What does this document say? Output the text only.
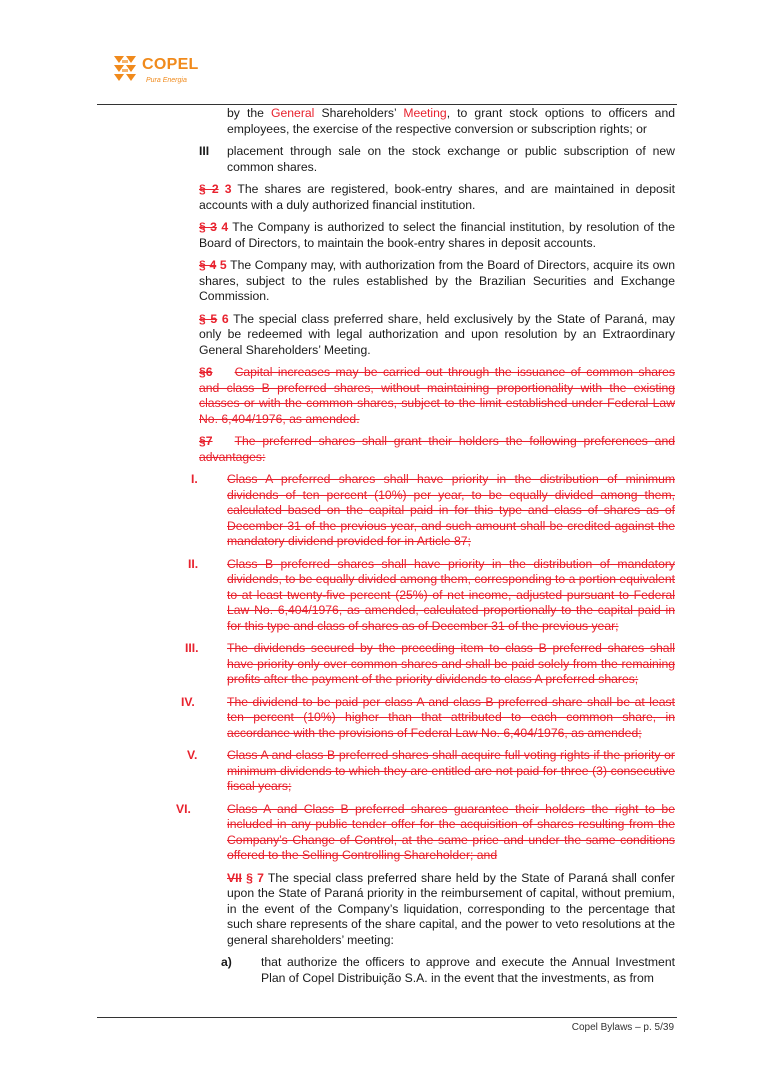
COPEL
Pura Energia

by the General Shareholders’ Meeting, to grant stock options to officers and employees, the exercise of the respective conversion or subscription rights; or

III placement through sale on the stock exchange or public subscription of new common shares.

§ 2 3 The shares are registered, book-entry shares, and are maintained in deposit accounts with a duly authorized financial institution.

§ 3 4 The Company is authorized to select the financial institution, by resolution of the Board of Directors, to maintain the book-entry shares in deposit accounts.

§ 4 5 The Company may, with authorization from the Board of Directors, acquire its own shares, subject to the rules established by the Brazilian Securities and Exchange Commission.

§ 5 6 The special class preferred share, held exclusively by the State of Paraná, may only be redeemed with legal authorization and upon resolution by an Extraordinary General Shareholders’ Meeting.

§6 Capital increases may be carried out through the issuance of common shares and class B preferred shares, without maintaining proportionality with the existing classes or with the common shares, subject to the limit established under Federal Law No. 6,404/1976, as amended.

§7 The preferred shares shall grant their holders the following preferences and advantages:

I. Class A preferred shares shall have priority in the distribution of minimum dividends of ten percent (10%) per year, to be equally divided among them, calculated based on the capital paid in for this type and class of shares as of December 31 of the previous year, and such amount shall be credited against the mandatory dividend provided for in Article 87;
II. Class B preferred shares shall have priority in the distribution of mandatory dividends, to be equally divided among them, corresponding to a portion equivalent to at least twenty-five percent (25%) of net income, adjusted pursuant to Federal Law No. 6,404/1976, as amended, calculated proportionally to the capital paid in for this type and class of shares as of December 31 of the previous year;
III. The dividends secured by the preceding item to class B preferred shares shall have priority only over common shares and shall be paid solely from the remaining profits after the payment of the priority dividends to class A preferred shares;
IV.	The dividend to be paid per class A and class B preferred share shall be at least ten percent (10%) higher than that attributed to each common share, in accordance with the provisions of Federal Law No. 6,404/1976, as amended;
V. Class A and class B preferred shares shall acquire full voting rights if the priority or minimum dividends to which they are entitled are not paid for three (3) consecutive fiscal years;
VI.	Class A and Class B preferred shares guarantee their holders the right to be included in any public tender offer for the acquisition of shares resulting from the Company’s Change of Control, at the same price and under the same conditions offered to the Selling Controlling Shareholder; and

VII § 7 The special class preferred share held by the State of Paraná shall confer upon the State of Paraná priority in the reimbursement of capital, without premium, in the event of the Company’s liquidation, corresponding to the percentage that such share represents of the share capital, and the power to veto resolutions at the general shareholders’ meeting:

a) that authorize the officers to approve and execute the Annual Investment Plan of Copel Distribuição S.A. in the event that the investments, as from
Copel Bylaws – p. 5/39
